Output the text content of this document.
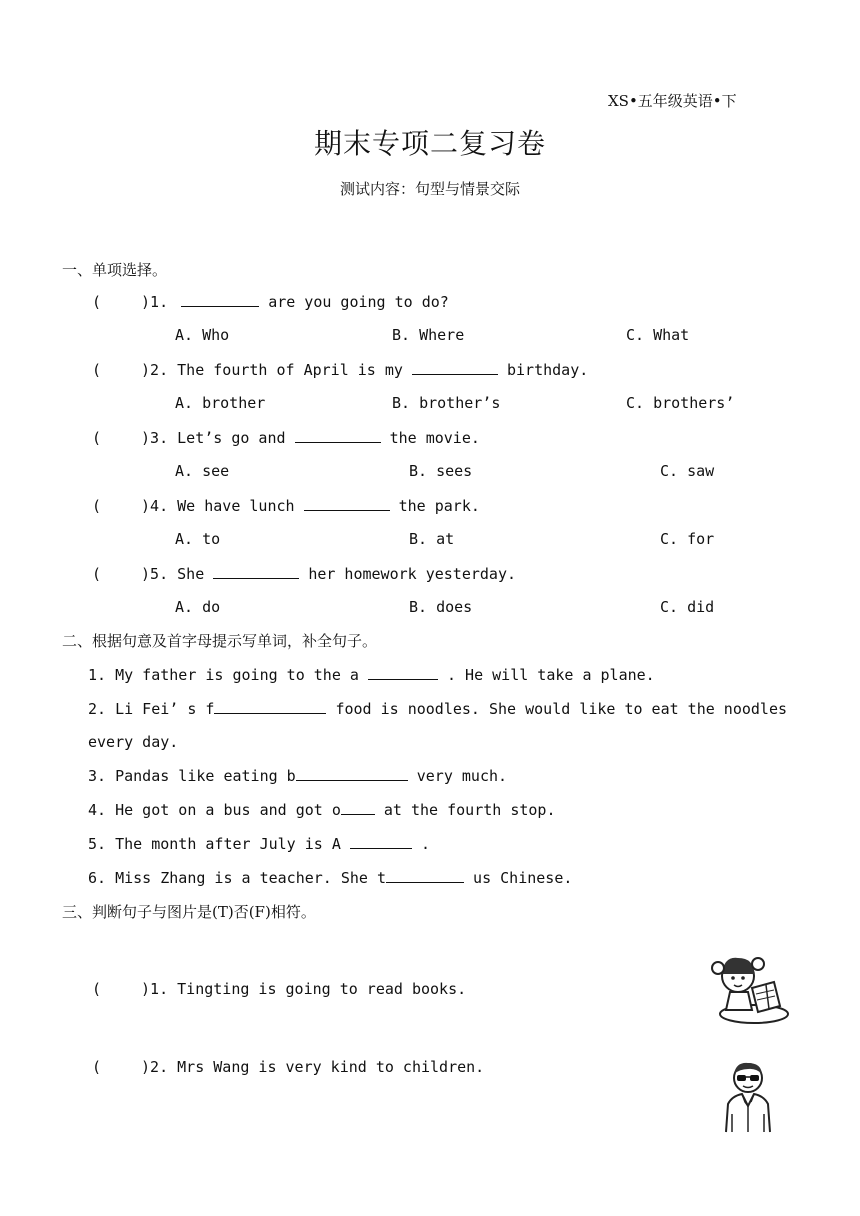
XS•五年级英语•下
期末专项二复习卷
测试内容：句型与情景交际
一、单项选择。
(	)1.	are you going to do?
A. Who	B. Where	C. What
(	)2. The fourth of April is my	birthday.
A. brother	B. brother’s	C. brothers’
(	)3. Let’s go and	the movie.
A. see	B. sees	C. saw
(	)4. We have lunch	the park.
A. to	B. at	C. for
(	)5. She	her homework yesterday.
A. do	B. does	C. did
二、根据句意及首字母提示写单词，补全句子。
1. My father is going to the a	. He will take a plane.
2. Li Fei’ s f	food is noodles. She would like to eat the noodles
every day.
3. Pandas like eating b	very much.
4. He got on a bus and got o	at the fourth stop.
5. The month after July is A	.
6. Miss Zhang is a teacher. She t	us Chinese.
三、判断句子与图片是(T)否(F)相符。
(	)1. Tingting is going to read books.
(	)2. Mrs Wang is very kind to children.
